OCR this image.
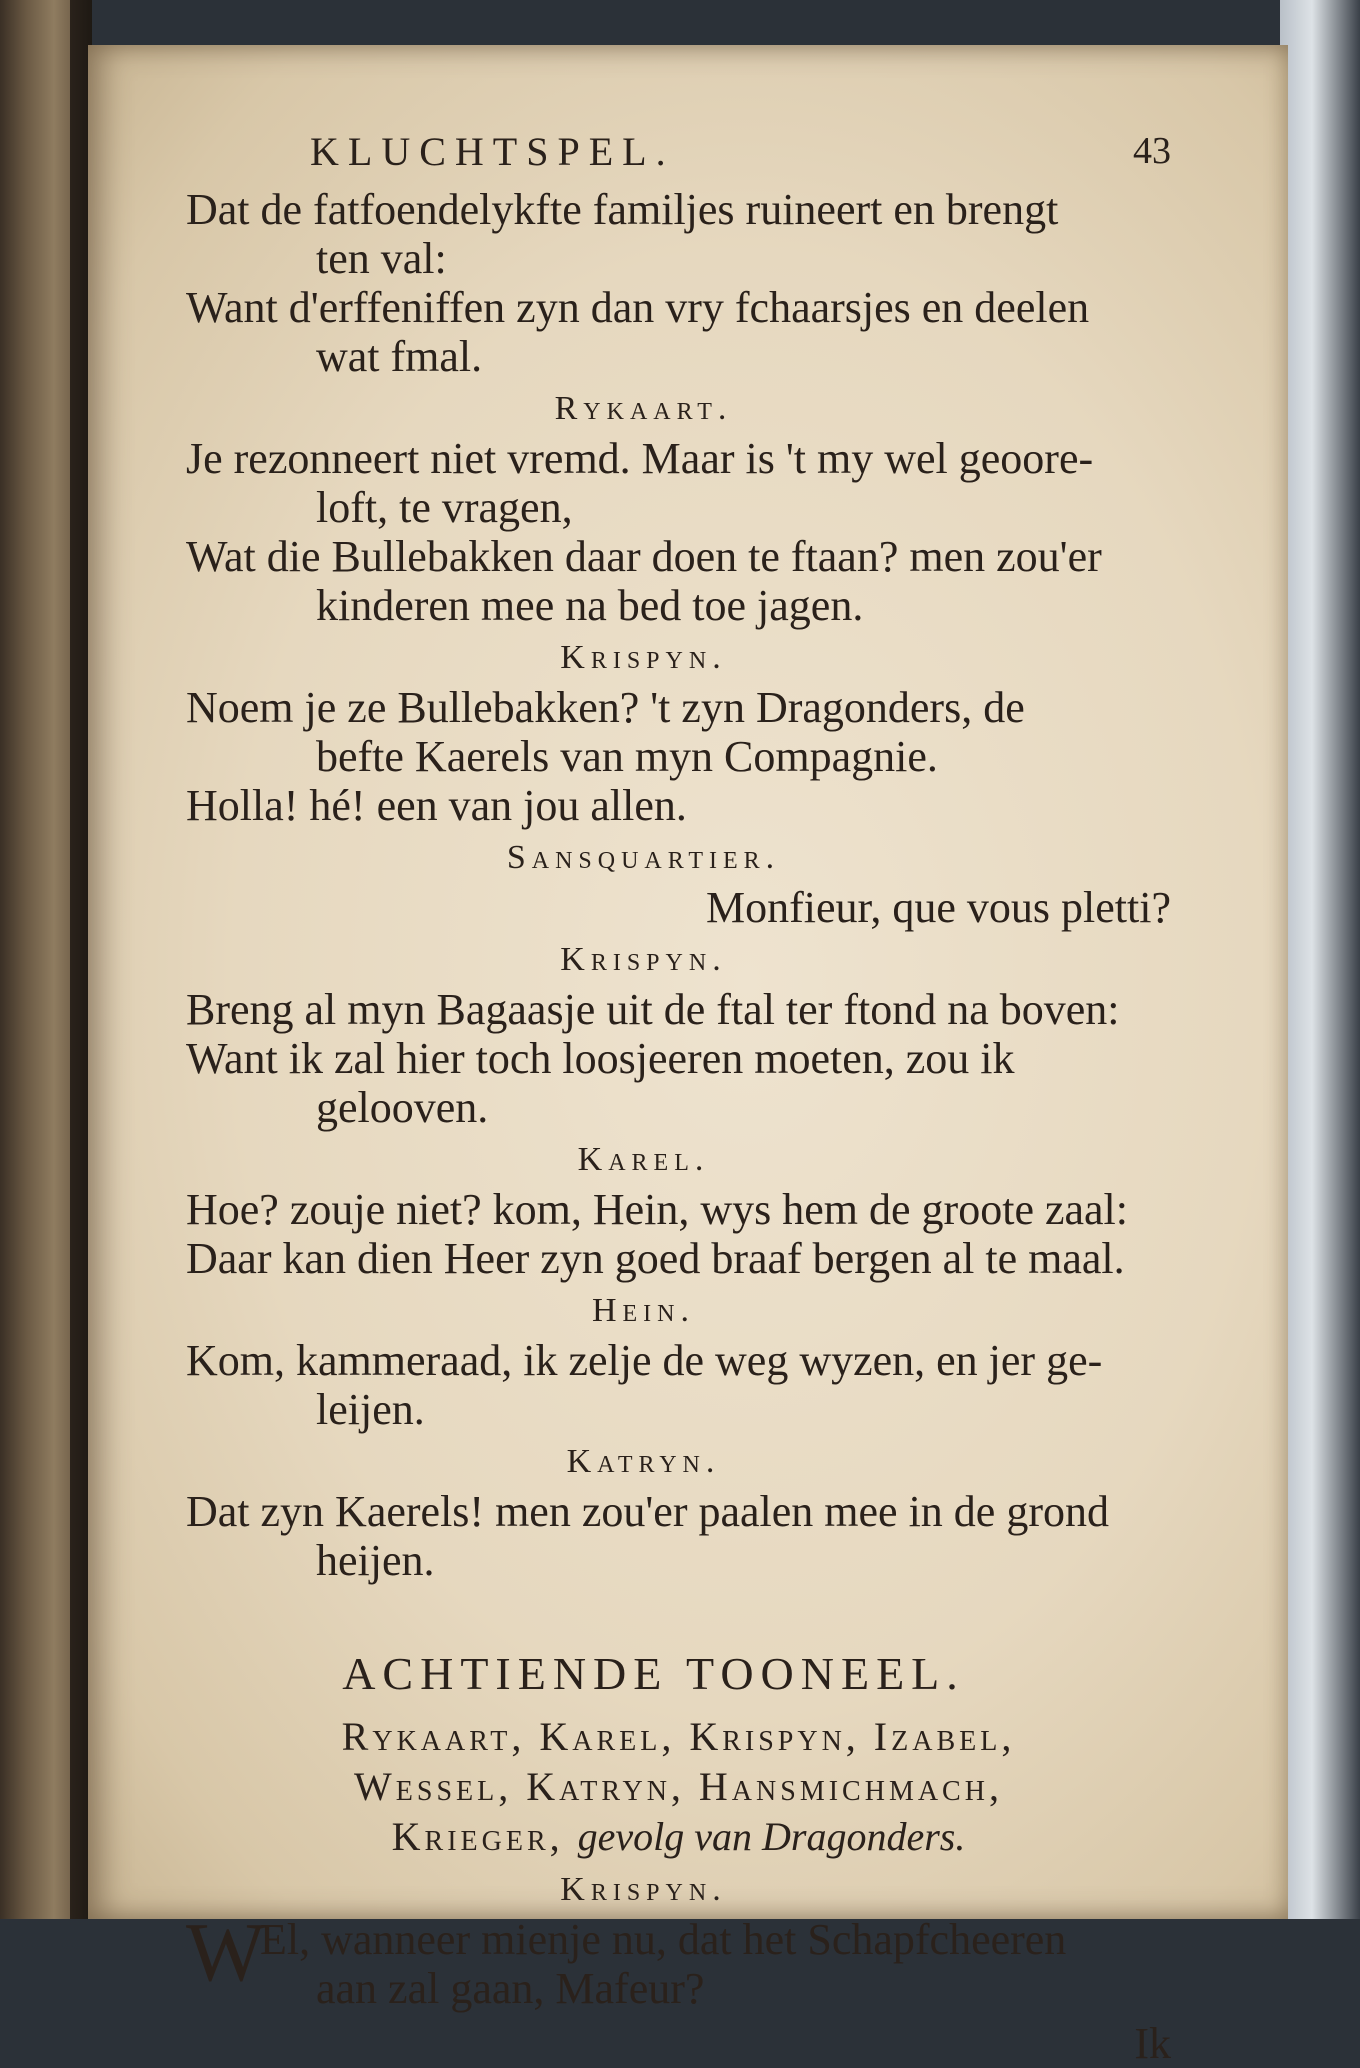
KLUCHTSPEL.	43
Dat de fatfoendelykfte familjes ruineert en brengt
ten val:
Want d'erffeniffen zyn dan vry fchaarsjes en deelen
wat fmal.
Rykaart.
Je rezonneert niet vremd. Maar is 't my wel geoore-
loft, te vragen,
Wat die Bullebakken daar doen te ftaan? men zou'er
kinderen mee na bed toe jagen.
Krispyn.
Noem je ze Bullebakken? 't zyn Dragonders, de
befte Kaerels van myn Compagnie.
Holla! hé! een van jou allen.
Sansquartier.
Monfieur, que vous pletti?
Krispyn.
Breng al myn Bagaasje uit de ftal ter ftond na boven:
Want ik zal hier toch loosjeeren moeten, zou ik
gelooven.
Karel.
Hoe? zouje niet? kom, Hein, wys hem de groote zaal:
Daar kan dien Heer zyn goed braaf bergen al te maal.
Hein.
Kom, kammeraad, ik zelje de weg wyzen, en jer ge-
leijen.
Katryn.
Dat zyn Kaerels! men zou'er paalen mee in de grond
heijen.
ACHTIENDE TOONEEL.
Rykaart, Karel, Krispyn, Izabel,
Wessel, Katryn, Hansmichmach,
Krieger, gevolg van Dragonders.
Krispyn.
W
El, wanneer mienje nu, dat het Schapfcheeren
aan zal gaan, Mafeur?
Ik
